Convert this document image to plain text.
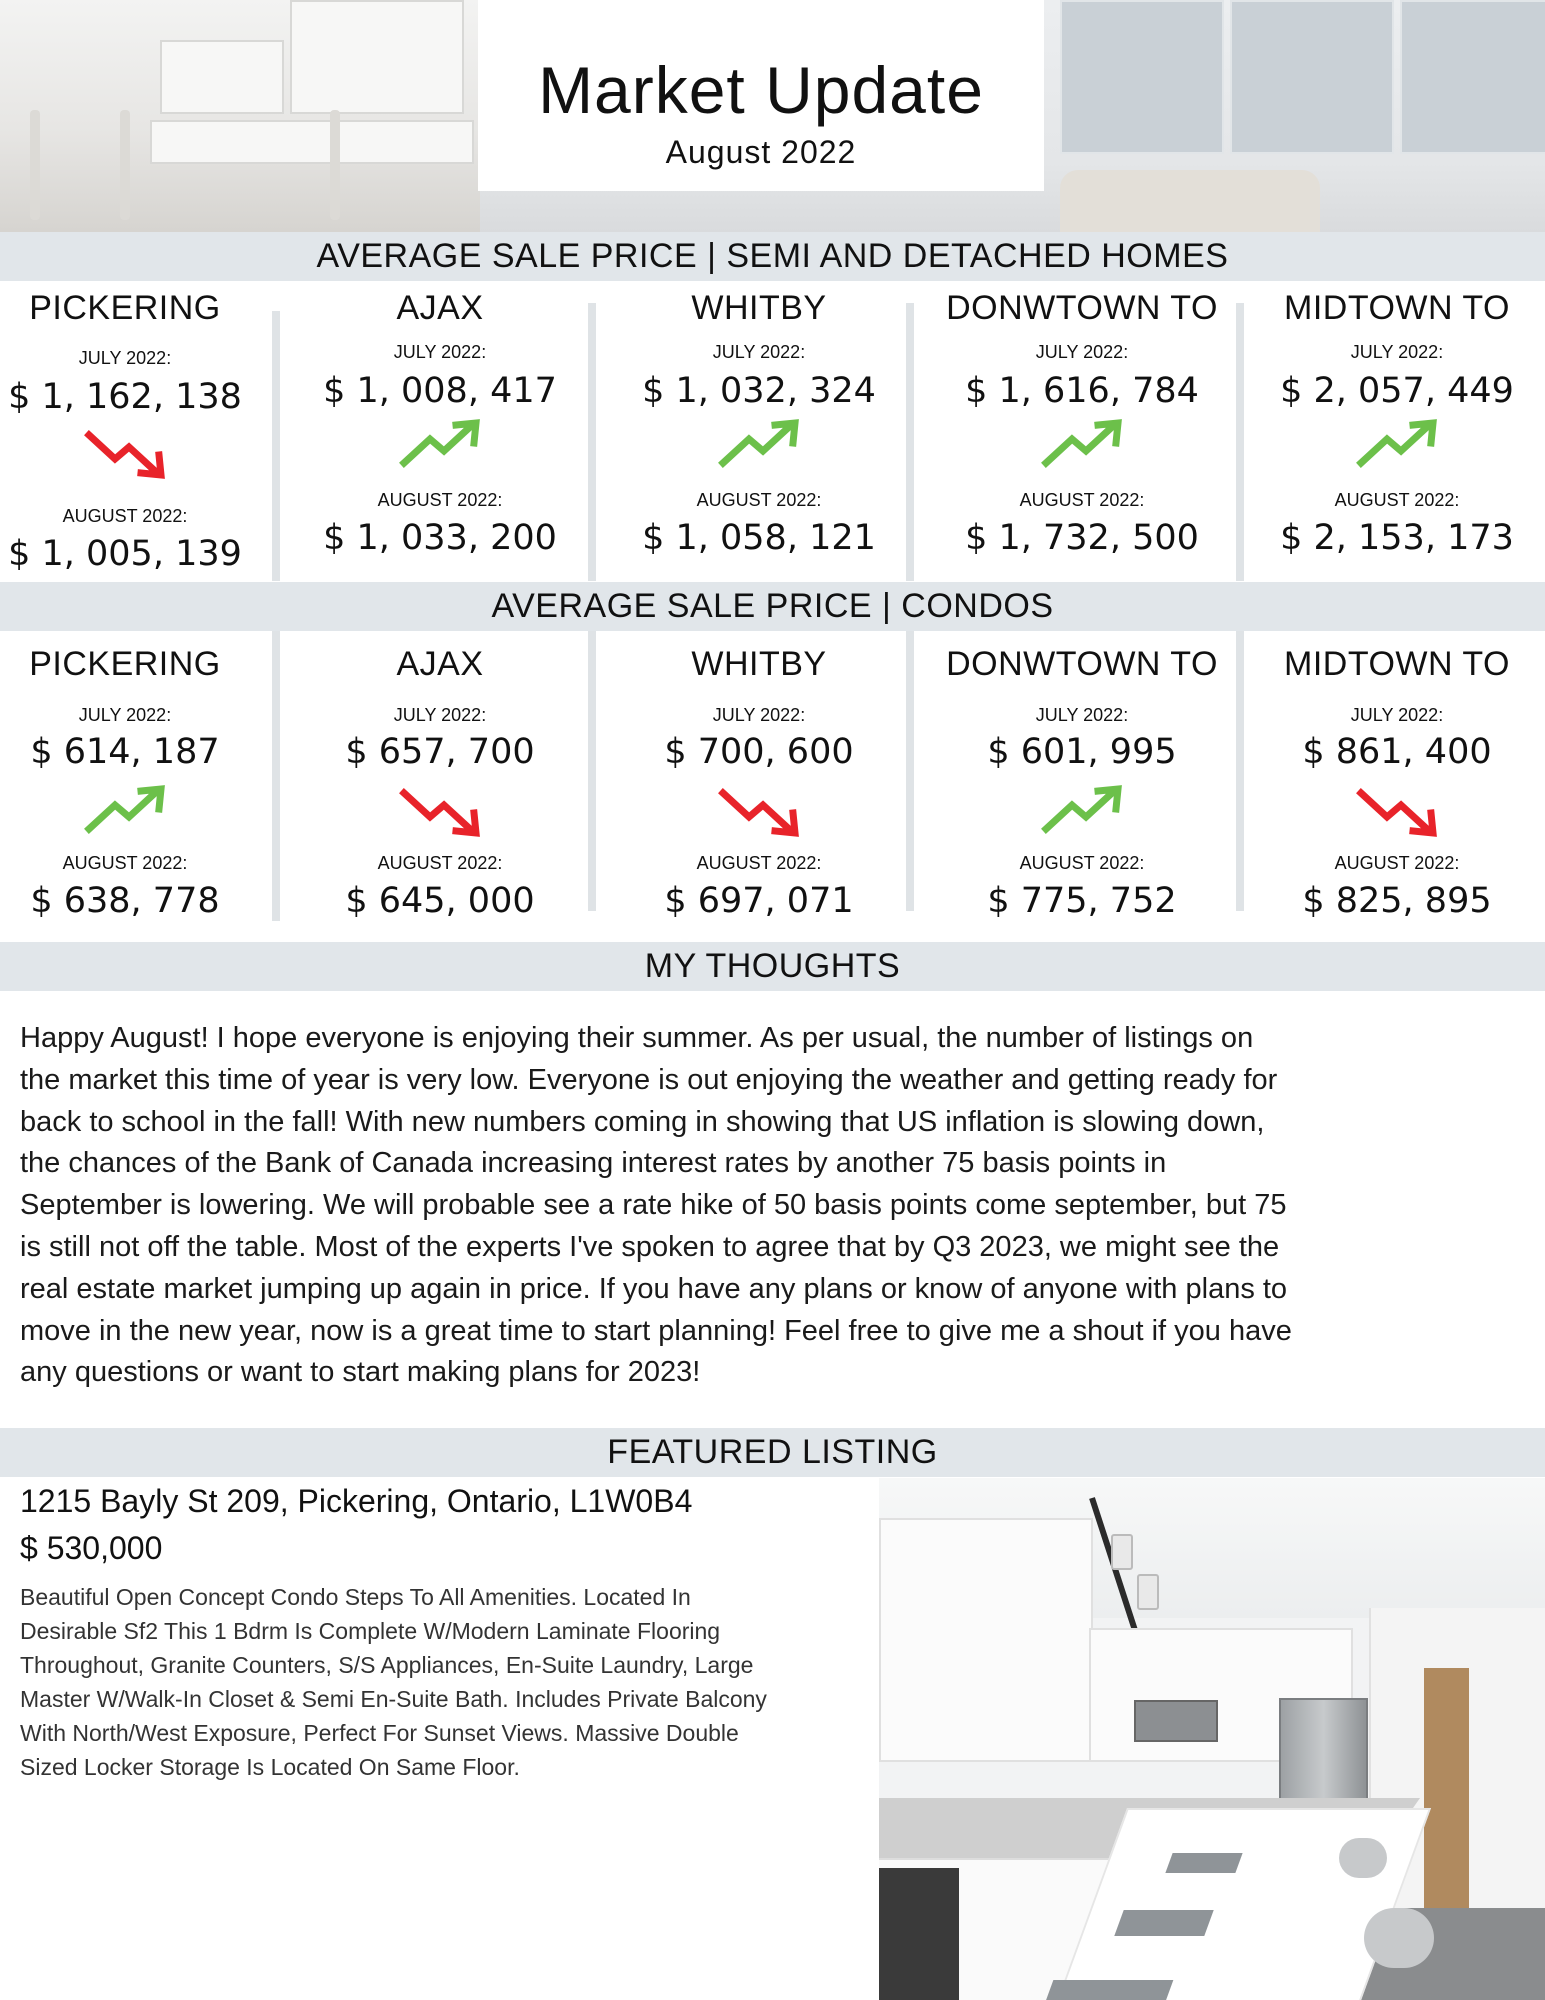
Market Update
August 2022
AVERAGE SALE PRICE | SEMI AND DETACHED HOMES
PICKERING
JULY 2022:
$ 1, 162, 138
AUGUST 2022:
$ 1, 005, 139
AJAX
JULY 2022:
$ 1, 008, 417
AUGUST 2022:
$ 1, 033, 200
WHITBY
JULY 2022:
$ 1, 032, 324
AUGUST 2022:
$ 1, 058, 121
DONWTOWN TO
JULY 2022:
$ 1, 616, 784
AUGUST 2022:
$ 1, 732, 500
MIDTOWN TO
JULY 2022:
$ 2, 057, 449
AUGUST 2022:
$ 2, 153, 173
AVERAGE SALE PRICE | CONDOS
PICKERING
JULY 2022:
$ 614, 187
AUGUST 2022:
$ 638, 778
AJAX
JULY 2022:
$ 657, 700
AUGUST 2022:
$ 645, 000
WHITBY
JULY 2022:
$ 700, 600
AUGUST 2022:
$ 697, 071
DONWTOWN TO
JULY 2022:
$ 601, 995
AUGUST 2022:
$ 775, 752
MIDTOWN TO
JULY 2022:
$ 861, 400
AUGUST 2022:
$ 825, 895
MY THOUGHTS
Happy August! I hope everyone is enjoying their summer. As per usual, the number of listings on
the market this time of year is very low. Everyone is out enjoying the weather and getting ready for
back to school in the fall! With new numbers coming in showing that US inflation is slowing down,
the chances of the Bank of Canada increasing interest rates by another 75 basis points in
September is lowering. We will probable see a rate hike of 50 basis points come september, but 75
is still not off the table. Most of the experts I've spoken to agree that by Q3 2023, we might see the
real estate market jumping up again in price. If you have any plans or know of anyone with plans to
move in the new year, now is a great time to start planning! Feel free to give me a shout if you have
any questions or want to start making plans for 2023!
FEATURED LISTING
1215 Bayly St 209, Pickering, Ontario, L1W0B4
$ 530,000
Beautiful Open Concept Condo Steps To All Amenities. Located In
Desirable Sf2 This 1 Bdrm Is Complete W/Modern Laminate Flooring
Throughout, Granite Counters, S/S Appliances, En-Suite Laundry, Large
Master W/Walk-In Closet & Semi En-Suite Bath. Includes Private Balcony
With North/West Exposure, Perfect For Sunset Views. Massive Double
Sized Locker Storage Is Located On Same Floor.
